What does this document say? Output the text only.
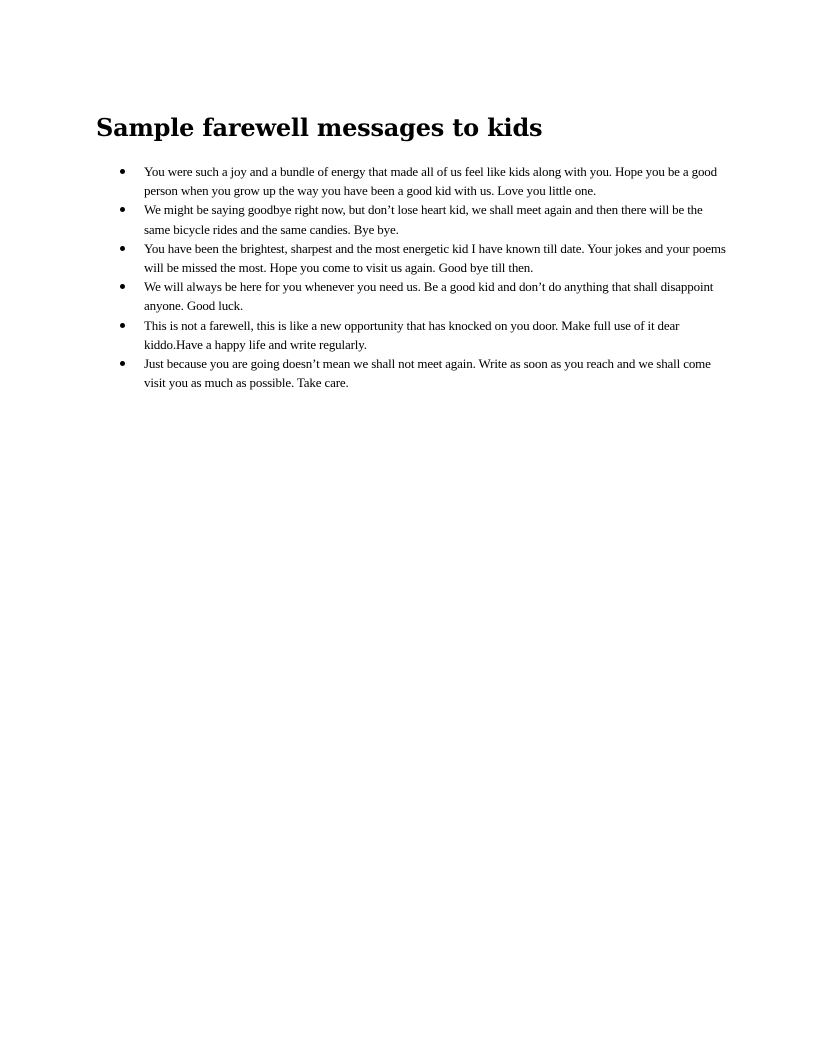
Sample farewell messages to kids
You were such a joy and a bundle of energy that made all of us feel like kids along with you. Hope you be a good person when you grow up the way you have been a good kid with us. Love you little one.
We might be saying goodbye right now, but don’t lose heart kid, we shall meet again and then there will be the same bicycle rides and the same candies. Bye bye.
You have been the brightest, sharpest and the most energetic kid I have known till date. Your jokes and your poems will be missed the most. Hope you come to visit us again. Good bye till then.
We will always be here for you whenever you need us. Be a good kid and don’t do anything that shall disappoint anyone. Good luck.
This is not a farewell, this is like a new opportunity that has knocked on you door. Make full use of it dear kiddo.Have a happy life and write regularly.
Just because you are going doesn’t mean we shall not meet again. Write as soon as you reach and we shall come visit you as much as possible. Take care.
